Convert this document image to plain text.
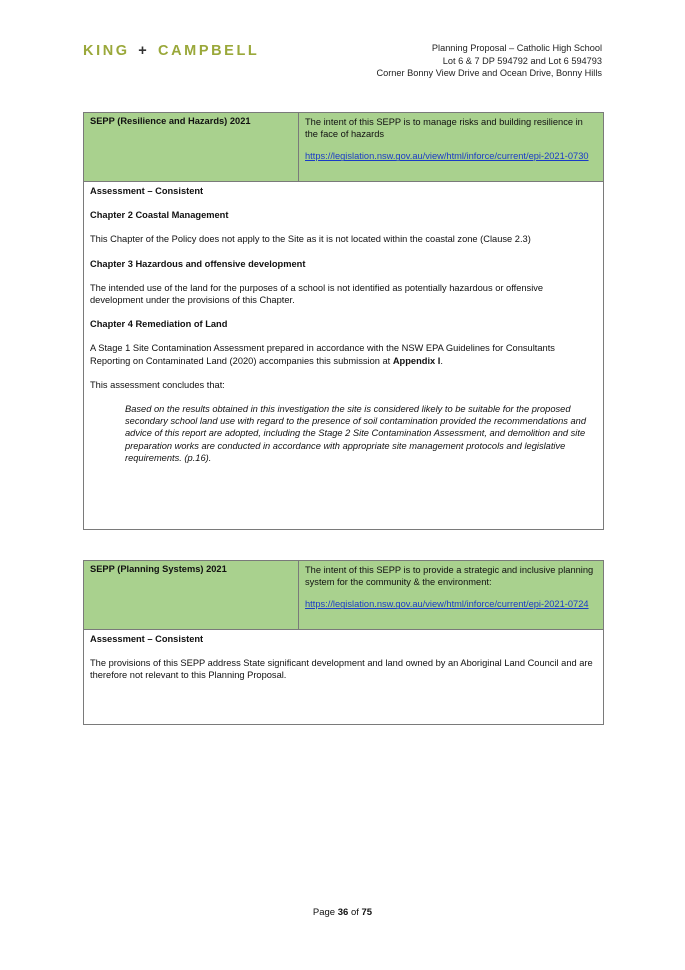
KING + CAMPBELL	Planning Proposal – Catholic High School
Lot 6 & 7 DP 594792 and Lot 6 594793
Corner Bonny View Drive and Ocean Drive, Bonny Hills
SEPP (Resilience and Hazards) 2021	The intent of this SEPP is to manage risks and building resilience in the face of hazards

https://legislation.nsw.gov.au/view/html/inforce/current/epi-2021-0730

Assessment – Consistent

Chapter 2 Coastal Management

This Chapter of the Policy does not apply to the Site as it is not located within the coastal zone (Clause 2.3)

Chapter 3 Hazardous and offensive development

The intended use of the land for the purposes of a school is not identified as potentially hazardous or offensive development under the provisions of this Chapter.

Chapter 4 Remediation of Land

A Stage 1 Site Contamination Assessment prepared in accordance with the NSW EPA Guidelines for Consultants Reporting on Contaminated Land (2020) accompanies this submission at Appendix I.

This assessment concludes that:

Based on the results obtained in this investigation the site is considered likely to be suitable for the proposed secondary school land use with regard to the presence of soil contamination provided the recommendations and advice of this report are adopted, including the Stage 2 Site Contamination Assessment, and demolition and site preparation works are conducted in accordance with appropriate site management protocols and legislative requirements. (p.16).

SEPP (Planning Systems) 2021	The intent of this SEPP is to provide a strategic and inclusive planning system for the community & the environment:

https://legislation.nsw.gov.au/view/html/inforce/current/epi-2021-0724

Assessment – Consistent

The provisions of this SEPP address State significant development and land owned by an Aboriginal Land Council and are therefore not relevant to this Planning Proposal.

Page 36 of 75
